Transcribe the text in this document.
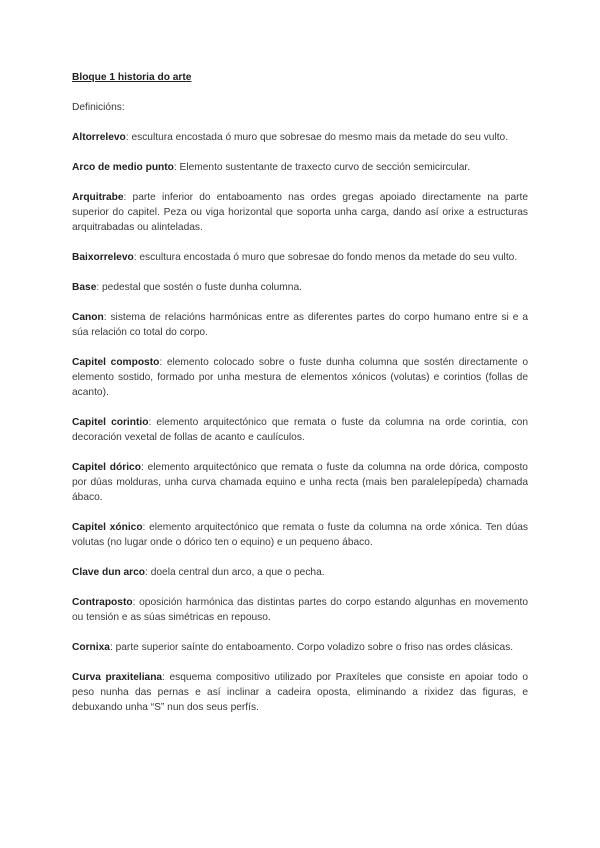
Bloque 1 historia do arte

Definicións:

Altorrelevo: escultura encostada ó muro que sobresae do mesmo mais da metade do seu vulto.

Arco de medio punto: Elemento sustentante de traxecto curvo de sección semicircular.

Arquitrabe: parte inferior do entaboamento nas ordes gregas apoiado directamente na parte superior do capitel. Peza ou viga horizontal que soporta unha carga, dando así orixe a estructuras arquitrabadas ou alinteladas.

Baixorrelevo: escultura encostada ó muro que sobresae do fondo menos da metade do seu vulto.

Base: pedestal que sostén o fuste dunha columna.

Canon: sistema de relacións harmónicas entre as diferentes partes do corpo humano entre si e a súa relación co total do corpo.

Capitel composto: elemento colocado sobre o fuste dunha columna que sostén directamente o elemento sostido, formado por unha mestura de elementos xónicos (volutas) e corintios (follas de acanto).

Capitel corintio: elemento arquitectónico que remata o fuste da columna na orde corintia, con decoración vexetal de follas de acanto e caulículos.

Capitel dórico: elemento arquitectónico que remata o fuste da columna na orde dórica, composto por dúas molduras, unha curva chamada equino e unha recta (mais ben paralelepípeda) chamada ábaco.

Capitel xónico: elemento arquitectónico que remata o fuste da columna na orde xónica. Ten dúas volutas (no lugar onde o dórico ten o equino) e un pequeno ábaco.

Clave dun arco: doela central dun arco, a que o pecha.

Contraposto: oposición harmónica das distintas partes do corpo estando algunhas en movemento ou tensión e as súas simétricas en repouso.

Cornixa: parte superior saínte do entaboamento. Corpo voladizo sobre o friso nas ordes clásicas.

Curva praxiteliana: esquema compositivo utilizado por Praxíteles que consiste en apoiar todo o peso nunha das pernas e así inclinar a cadeira oposta, eliminando a rixidez das figuras, e debuxando unha “S” nun dos seus perfís.
